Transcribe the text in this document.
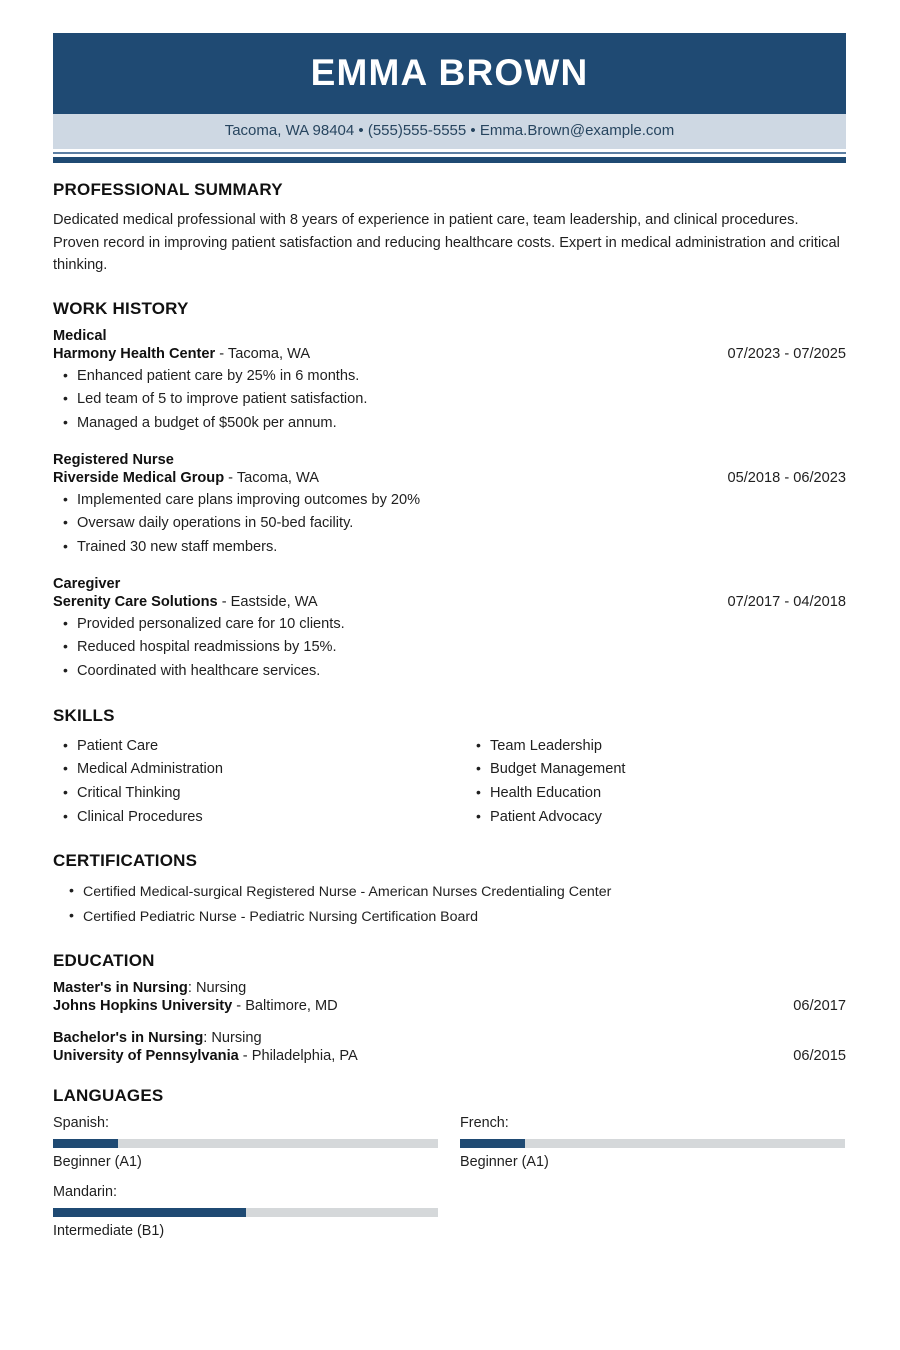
EMMA BROWN
Tacoma, WA 98404 • (555)555-5555 • Emma.Brown@example.com
PROFESSIONAL SUMMARY

Dedicated medical professional with 8 years of experience in patient care, team leadership, and clinical procedures. Proven record in improving patient satisfaction and reducing healthcare costs. Expert in medical administration and critical thinking.

WORK HISTORY
Medical
Harmony Health Center - Tacoma, WA	07/2023 - 07/2025
• Enhanced patient care by 25% in 6 months.
• Led team of 5 to improve patient satisfaction.
• Managed a budget of $500k per annum.
Registered Nurse
Riverside Medical Group - Tacoma, WA	05/2018 - 06/2023
• Implemented care plans improving outcomes by 20%
• Oversaw daily operations in 50-bed facility.
• Trained 30 new staff members.
Caregiver
Serenity Care Solutions - Eastside, WA	07/2017 - 04/2018
• Provided personalized care for 10 clients.
• Reduced hospital readmissions by 15%.
• Coordinated with healthcare services.
SKILLS
• Patient Care
• Medical Administration
• Critical Thinking
• Clinical Procedures
• Team Leadership
• Budget Management
• Health Education
• Patient Advocacy
CERTIFICATIONS
• Certified Medical-surgical Registered Nurse - American Nurses Credentialing Center
• Certified Pediatric Nurse - Pediatric Nursing Certification Board
EDUCATION
Master's in Nursing: Nursing
Johns Hopkins University - Baltimore, MD	06/2017
Bachelor's in Nursing: Nursing
University of Pennsylvania - Philadelphia, PA	06/2015
LANGUAGES
Spanish:
Beginner (A1)
French:
Beginner (A1)
Mandarin:
Intermediate (B1)
